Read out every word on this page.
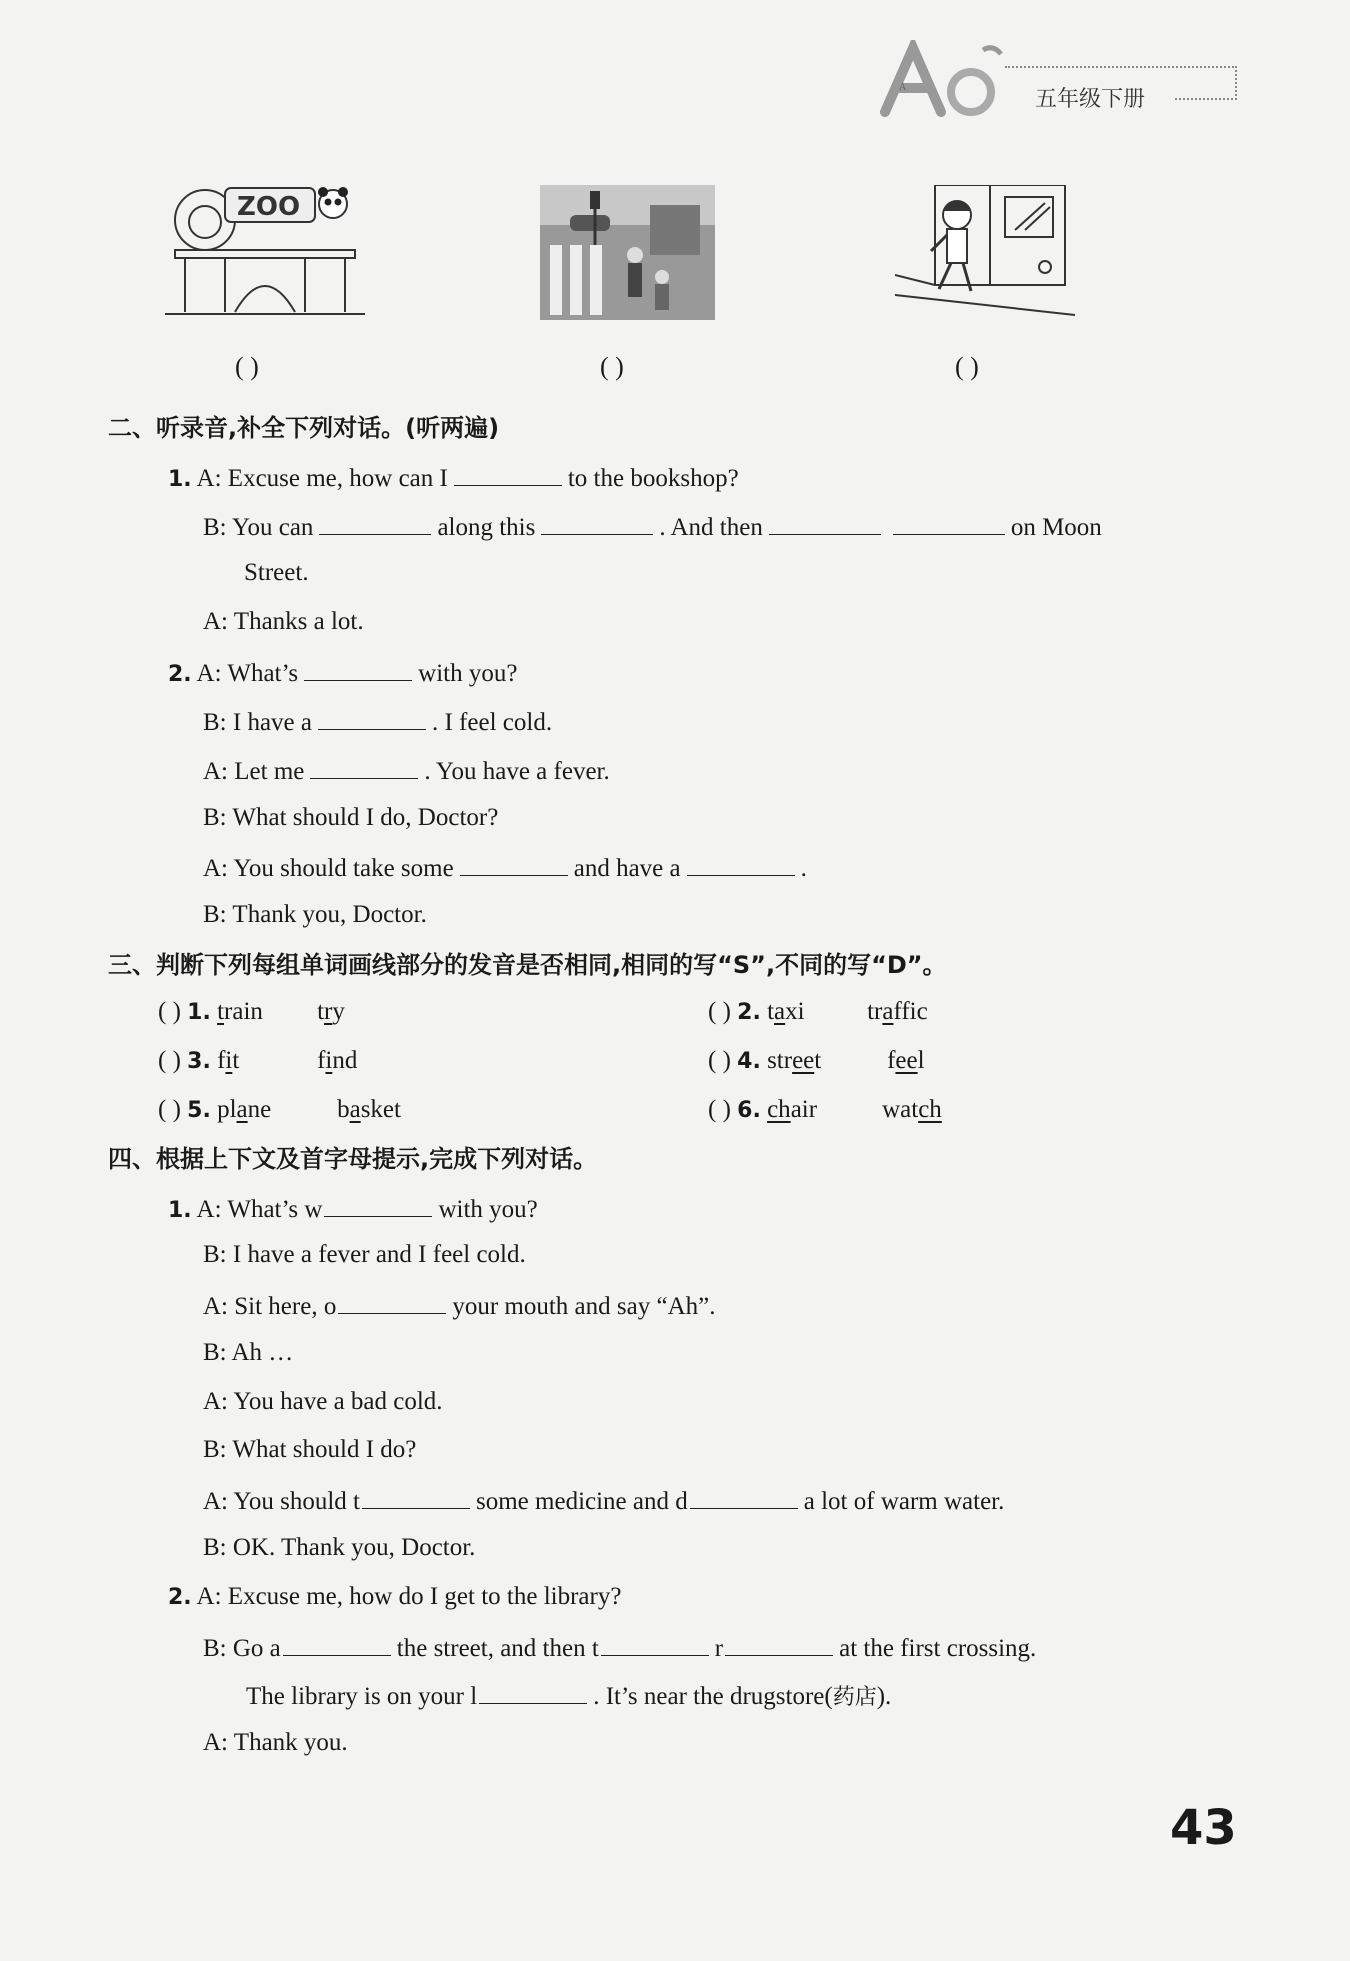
A	五年级下册
ZOO
( )	( )	( )
二、听录音,补全下列对话。(听两遍)
1. A: Excuse me, how can I	to the bookshop?
B: You can	along this	. And then	on Moon
Street.
A: Thanks a lot.
2. A: What’s	with you?
B: I have a	. I feel cold.
A: Let me	. You have a fever.
B: What should I do, Doctor?
A: You should take some	and have a	.
B: Thank you, Doctor.
三、判断下列每组单词画线部分的发音是否相同,相同的写“S”,不同的写“D”。
( ) 1. train try	( ) 2. taxi traffic
( ) 3. fit	find	( ) 4. street	feel
( ) 5. plane	basket	( ) 6. chair	watch
四、根据上下文及首字母提示,完成下列对话。
1. A: What’s w	with you?
B: I have a fever and I feel cold.
A: Sit here, o	your mouth and say “Ah”.
B: Ah …
A: You have a bad cold.
B: What should I do?
A: You should t	some medicine and d	a lot of warm water.
B: OK. Thank you, Doctor.
2. A: Excuse me, how do I get to the library?
B: Go a	the street, and then t	r	at the first crossing.
The library is on your l	. It’s near the drugstore(药店).
A: Thank you.
43
